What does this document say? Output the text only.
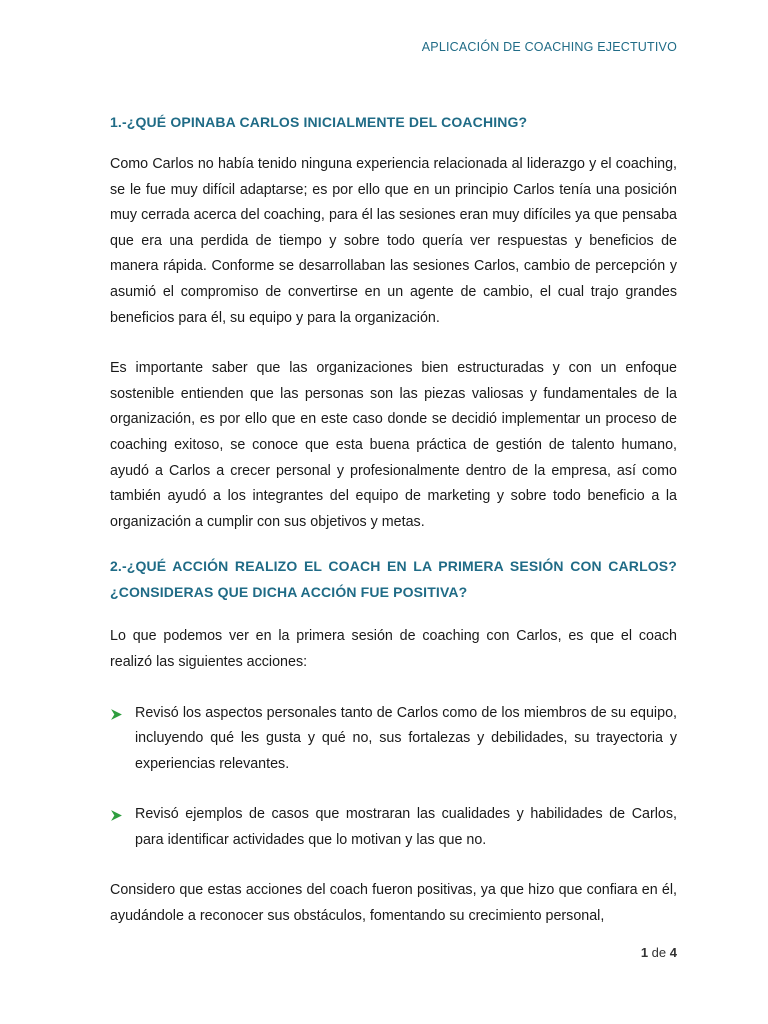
APLICACIÓN DE COACHING EJECTUTIVO
1.-¿QUÉ OPINABA CARLOS INICIALMENTE DEL COACHING?

Como Carlos no había tenido ninguna experiencia relacionada al liderazgo y el coaching, se le fue muy difícil adaptarse; es por ello que en un principio Carlos tenía una posición muy cerrada acerca del coaching, para él las sesiones eran muy difíciles ya que pensaba que era una perdida de tiempo y sobre todo quería ver respuestas y beneficios de manera rápida. Conforme se desarrollaban las sesiones Carlos, cambio de percepción y asumió el compromiso de convertirse en un agente de cambio, el cual trajo grandes beneficios para él, su equipo y para la organización.

Es importante saber que las organizaciones bien estructuradas y con un enfoque sostenible entienden que las personas son las piezas valiosas y fundamentales de la organización, es por ello que en este caso donde se decidió implementar un proceso de coaching exitoso, se conoce que esta buena práctica de gestión de talento humano, ayudó a Carlos a crecer personal y profesionalmente dentro de la empresa, así como también ayudó a los integrantes del equipo de marketing y sobre todo beneficio a la organización a cumplir con sus objetivos y metas.

2.-¿QUÉ ACCIÓN REALIZO EL COACH EN LA PRIMERA SESIÓN CON CARLOS? ¿CONSIDERAS QUE DICHA ACCIÓN FUE POSITIVA?

Lo que podemos ver en la primera sesión de coaching con Carlos, es que el coach realizó las siguientes acciones:

Revisó los aspectos personales tanto de Carlos como de los miembros de su equipo, incluyendo qué les gusta y qué no, sus fortalezas y debilidades, su trayectoria y experiencias relevantes.
Revisó ejemplos de casos que mostraran las cualidades y habilidades de Carlos, para identificar actividades que lo motivan y las que no.

Considero que estas acciones del coach fueron positivas, ya que hizo que confiara en él, ayudándole a reconocer sus obstáculos, fomentando su crecimiento personal,

1 de 4
